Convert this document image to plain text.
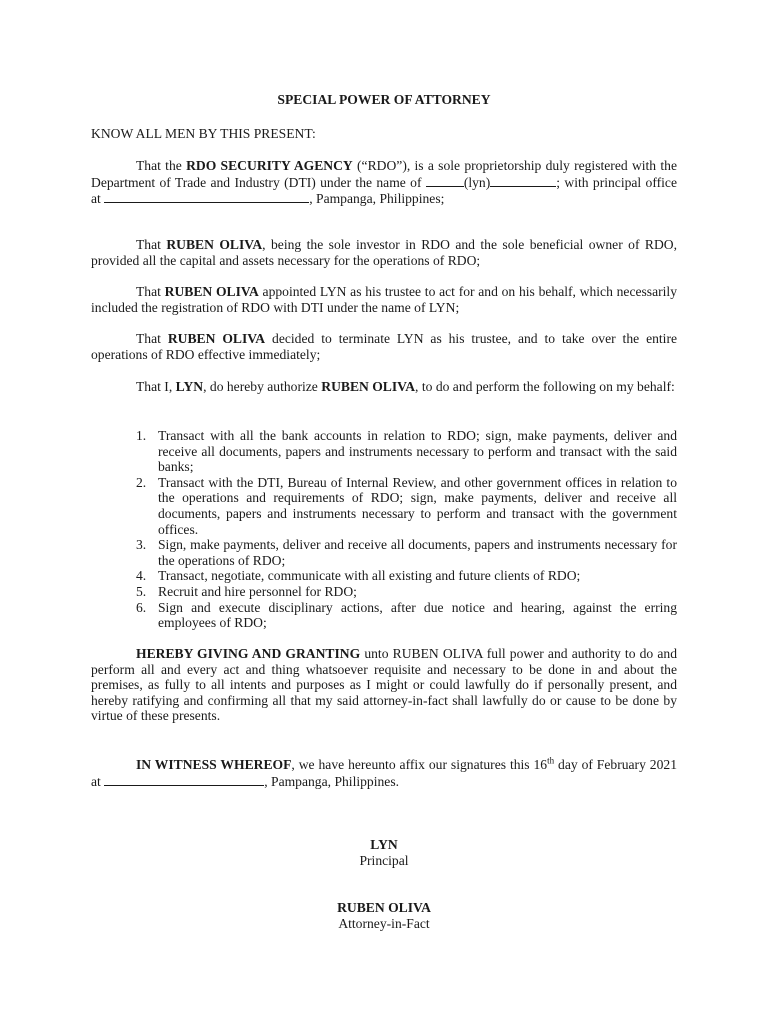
SPECIAL POWER OF ATTORNEY
KNOW ALL MEN BY THIS PRESENT:
That the RDO SECURITY AGENCY (“RDO”), is a sole proprietorship duly registered with the Department of Trade and Industry (DTI) under the name of	(lyn)	; with principal office at	, Pampanga, Philippines;
That RUBEN OLIVA, being the sole investor in RDO and the sole beneficial owner of RDO, provided all the capital and assets necessary for the operations of RDO;
That RUBEN OLIVA appointed LYN as his trustee to act for and on his behalf, which necessarily included the registration of RDO with DTI under the name of LYN;
That RUBEN OLIVA decided to terminate LYN as his trustee, and to take over the entire operations of RDO effective immediately;
That I, LYN, do hereby authorize RUBEN OLIVA, to do and perform the following on my behalf:
1. Transact with all the bank accounts in relation to RDO; sign, make payments, deliver and receive all documents, papers and instruments necessary to perform and transact with the said banks;
2. Transact with the DTI, Bureau of Internal Review, and other government offices in relation to the operations and requirements of RDO; sign, make payments, deliver and receive all documents, papers and instruments necessary to perform and transact with the government offices.
3. Sign, make payments, deliver and receive all documents, papers and instruments necessary for the operations of RDO;
4. Transact, negotiate, communicate with all existing and future clients of RDO;
5. Recruit and hire personnel for RDO;
6. Sign and execute disciplinary actions, after due notice and hearing, against the erring employees of RDO;
HEREBY GIVING AND GRANTING unto RUBEN OLIVA full power and authority to do and perform all and every act and thing whatsoever requisite and necessary to be done in and about the premises, as fully to all intents and purposes as I might or could lawfully do if personally present, and hereby ratifying and confirming all that my said attorney-in-fact shall lawfully do or cause to be done by virtue of these presents.
IN WITNESS WHEREOF, we have hereunto affix our signatures this 16th day of February 2021 at	, Pampanga, Philippines.
LYN
Principal
RUBEN OLIVA
Attorney-in-Fact
